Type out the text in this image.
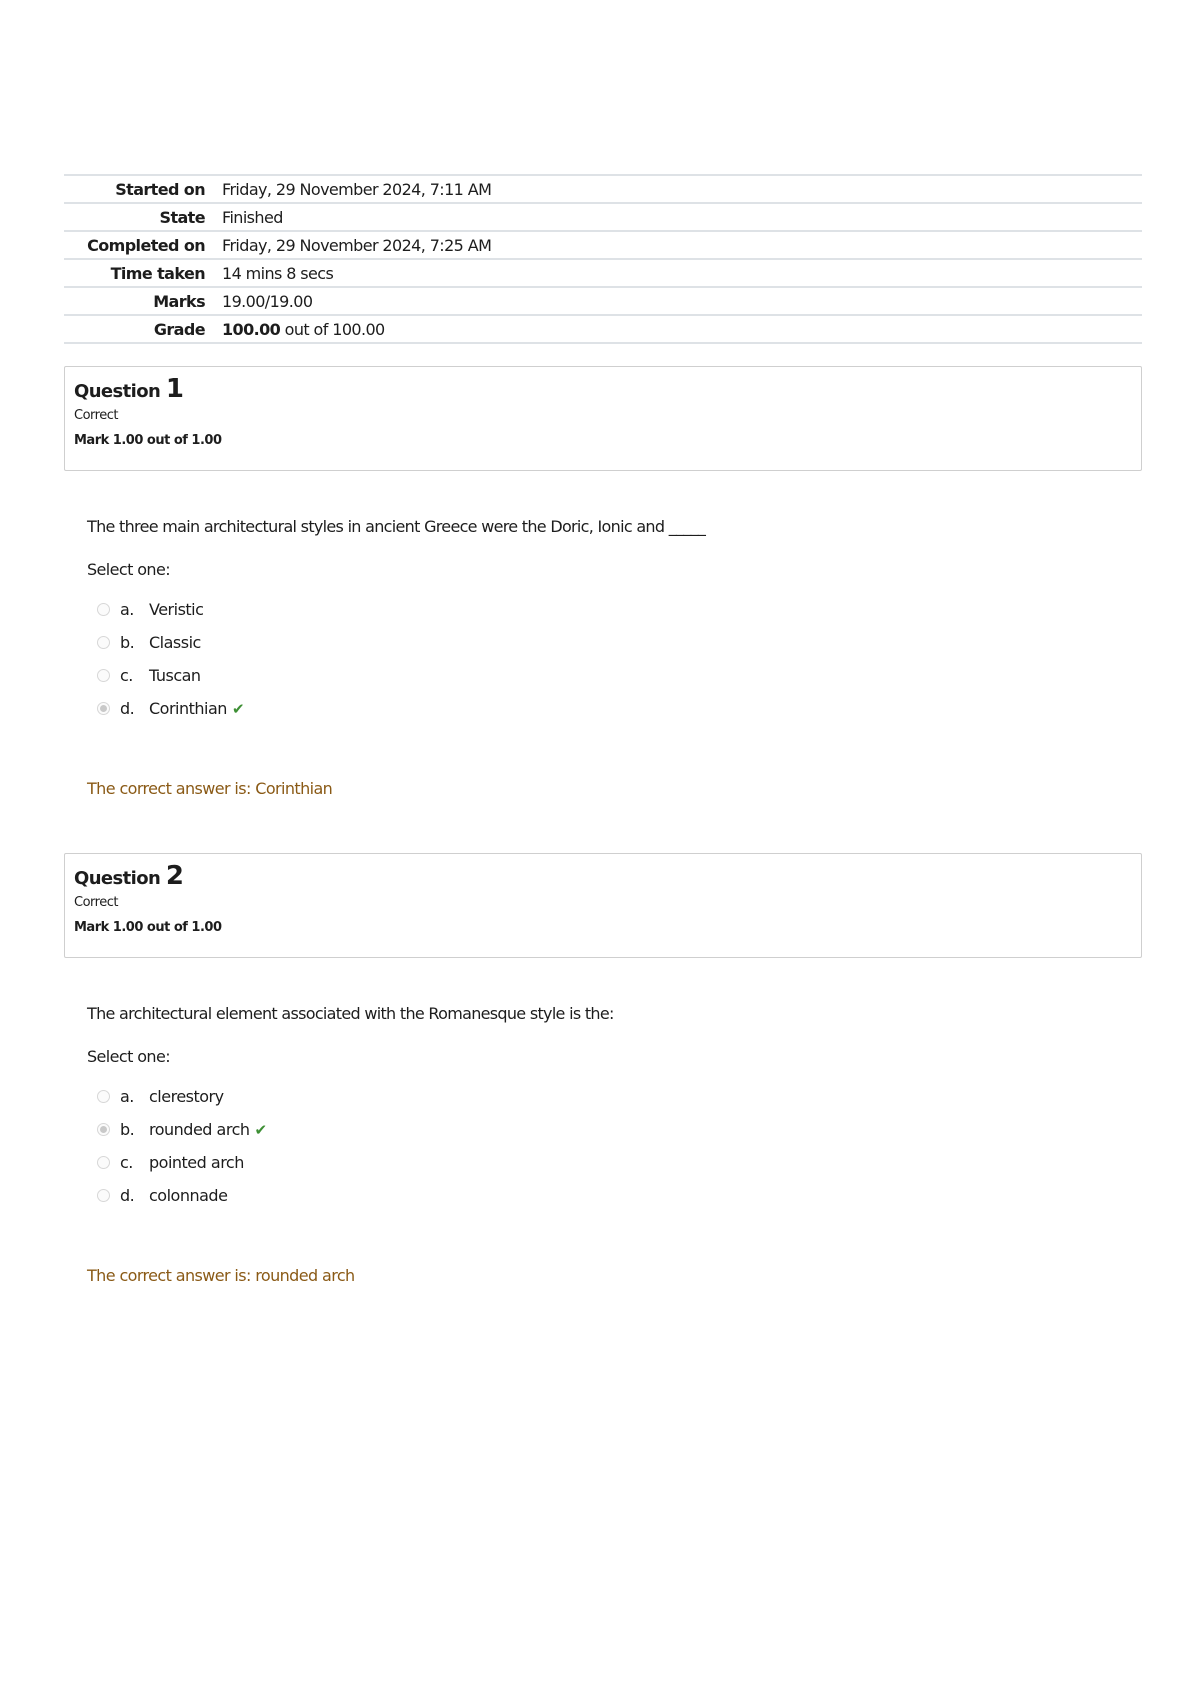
Started on	Friday, 29 November 2024, 7:11 AM
State	Finished
Completed on	Friday, 29 November 2024, 7:25 AM
Time taken	14 mins 8 secs
Marks	19.00/19.00
Grade	100.00 out of 100.00
Question 1
Correct
Mark 1.00 out of 1.00
The three main architectural styles in ancient Greece were the Doric, Ionic and _____
Select one:
a. Veristic
b. Classic
c.	Tuscan
d. Corinthian ✔
The correct answer is: Corinthian
Question 2
Correct
Mark 1.00 out of 1.00
The architectural element associated with the Romanesque style is the:
Select one:
a. clerestory
b. rounded arch ✔
c.	pointed arch
d. colonnade
The correct answer is: rounded arch
